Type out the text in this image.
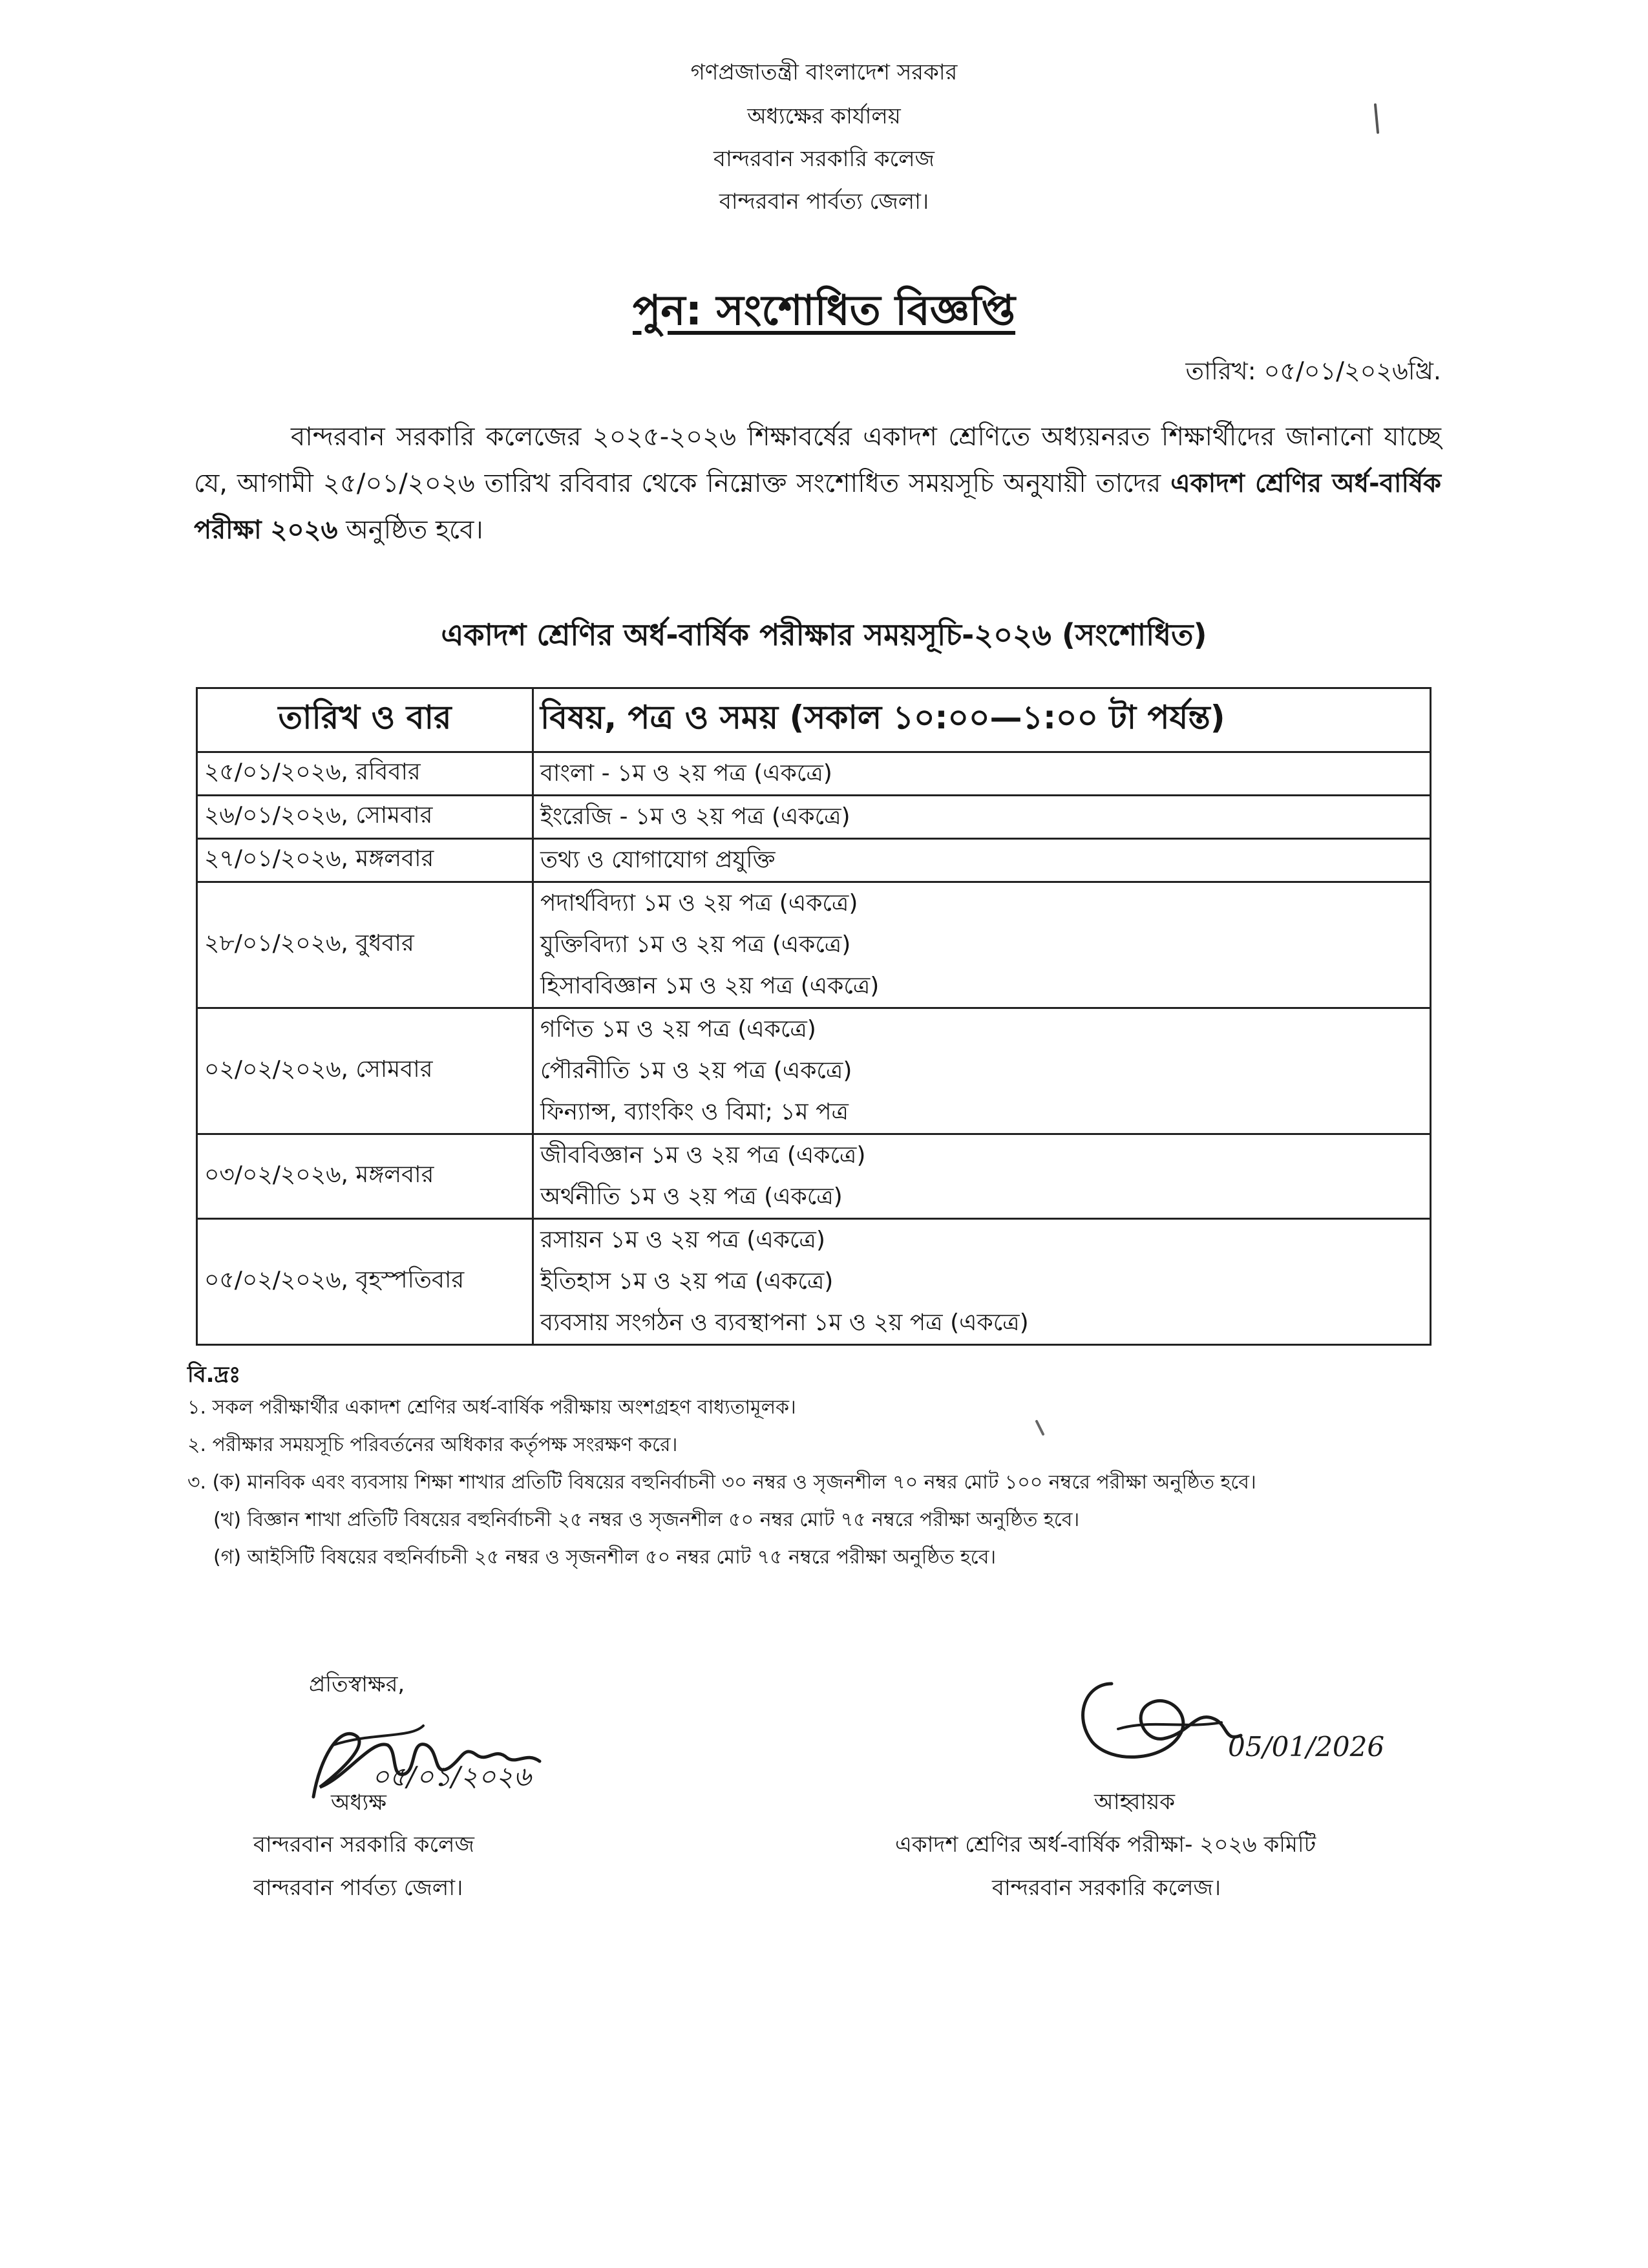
গণপ্রজাতন্ত্রী বাংলাদেশ সরকার
অধ্যক্ষের কার্যালয়
বান্দরবান সরকারি কলেজ
বান্দরবান পার্বত্য জেলা।
পুন: সংশোধিত বিজ্ঞপ্তি
তারিখ: ০৫/০১/২০২৬খ্রি.
বান্দরবান সরকারি কলেজের ২০২৫-২০২৬ শিক্ষাবর্ষের একাদশ শ্রেণিতে অধ্যয়নরত শিক্ষার্থীদের জানানো যাচ্ছে যে, আগামী ২৫/০১/২০২৬ তারিখ রবিবার থেকে নিম্নোক্ত সংশোধিত সময়সূচি অনুযায়ী তাদের একাদশ শ্রেণির অর্ধ-বার্ষিক পরীক্ষা ২০২৬ অনুষ্ঠিত হবে।
একাদশ শ্রেণির অর্ধ-বার্ষিক পরীক্ষার সময়সূচি-২০২৬ (সংশোধিত)
তারিখ ও বার	বিষয়, পত্র ও সময় (সকাল ১০:০০—১:০০ টা পর্যন্ত)
২৫/০১/২০২৬, রবিবার	বাংলা - ১ম ও ২য় পত্র (একত্রে)

২৬/০১/২০২৬, সোমবার	ইংরেজি - ১ম ও ২য় পত্র (একত্রে)

২৭/০১/২০২৬, মঙ্গলবার	তথ্য ও যোগাযোগ প্রযুক্তি

২৮/০১/২০২৬, বুধবার	পদার্থবিদ্যা ১ম ও ২য় পত্র (একত্রে)
যুক্তিবিদ্যা ১ম ও ২য় পত্র (একত্রে)
হিসাববিজ্ঞান ১ম ও ২য় পত্র (একত্রে)

০২/০২/২০২৬, সোমবার	গণিত ১ম ও ২য় পত্র (একত্রে)
পৌরনীতি ১ম ও ২য় পত্র (একত্রে)
ফিন্যান্স, ব্যাংকিং ও বিমা; ১ম পত্র

০৩/০২/২০২৬, মঙ্গলবার	জীববিজ্ঞান ১ম ও ২য় পত্র (একত্রে)
অর্থনীতি ১ম ও ২য় পত্র (একত্রে)

০৫/০২/২০২৬, বৃহস্পতিবার	রসায়ন ১ম ও ২য় পত্র (একত্রে)
ইতিহাস ১ম ও ২য় পত্র (একত্রে)
ব্যবসায় সংগঠন ও ব্যবস্থাপনা ১ম ও ২য় পত্র (একত্রে)
বি.দ্রঃ
১. সকল পরীক্ষার্থীর একাদশ শ্রেণির অর্ধ-বার্ষিক পরীক্ষায় অংশগ্রহণ বাধ্যতামূলক।
২. পরীক্ষার সময়সূচি পরিবর্তনের অধিকার কর্তৃপক্ষ সংরক্ষণ করে।
৩. (ক) মানবিক এবং ব্যবসায় শিক্ষা শাখার প্রতিটি বিষয়ের বহুনির্বাচনী ৩০ নম্বর ও সৃজনশীল ৭০ নম্বর মোট ১০০ নম্বরে পরীক্ষা অনুষ্ঠিত হবে।
(খ) বিজ্ঞান শাখা প্রতিটি বিষয়ের বহুনির্বাচনী ২৫ নম্বর ও সৃজনশীল ৫০ নম্বর মোট ৭৫ নম্বরে পরীক্ষা অনুষ্ঠিত হবে।
(গ) আইসিটি বিষয়ের বহুনির্বাচনী ২৫ নম্বর ও সৃজনশীল ৫০ নম্বর মোট ৭৫ নম্বরে পরীক্ষা অনুষ্ঠিত হবে।
প্রতিস্বাক্ষর,
০৫/০১/২০২৬
অধ্যক্ষ
বান্দরবান সরকারি কলেজ
বান্দরবান পার্বত্য জেলা।
05/01/2026
আহ্বায়ক
একাদশ শ্রেণির অর্ধ-বার্ষিক পরীক্ষা- ২০২৬ কমিটি
বান্দরবান সরকারি কলেজ।
